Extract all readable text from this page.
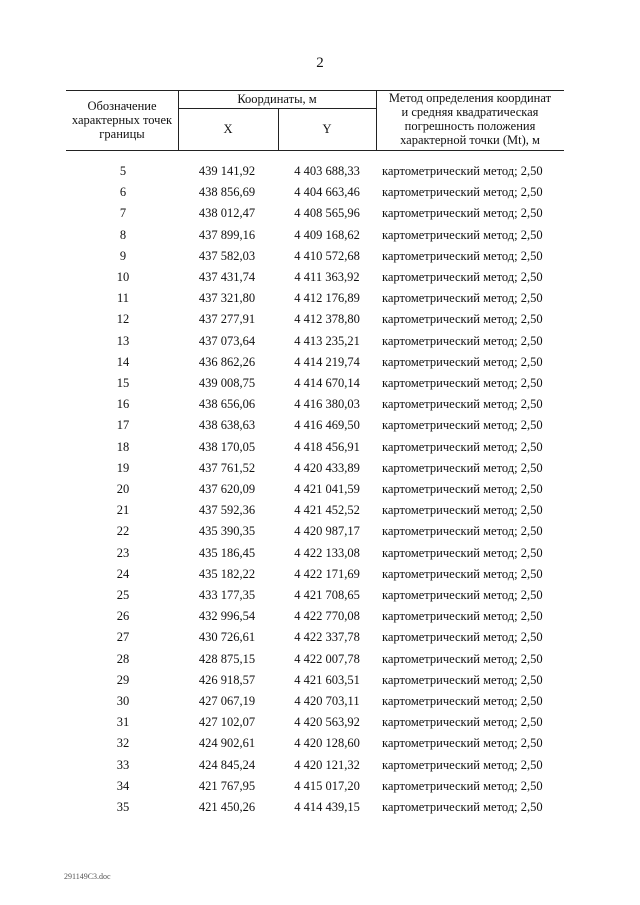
2
Обозначение
характерных точек
границы
Координаты, м
X	Y
Метод определения координат
и средняя квадратическая
погрешность положения
характерной точки (Mt), м
5	439 141,92	4 403 688,33	картометрический метод; 2,50
6	438 856,69	4 404 663,46	картометрический метод; 2,50
7	438 012,47	4 408 565,96	картометрический метод; 2,50
8	437 899,16	4 409 168,62	картометрический метод; 2,50
9	437 582,03	4 410 572,68	картометрический метод; 2,50
10	437 431,74	4 411 363,92	картометрический метод; 2,50
11	437 321,80	4 412 176,89	картометрический метод; 2,50
12	437 277,91	4 412 378,80	картометрический метод; 2,50
13	437 073,64	4 413 235,21	картометрический метод; 2,50
14	436 862,26	4 414 219,74	картометрический метод; 2,50
15	439 008,75	4 414 670,14	картометрический метод; 2,50
16	438 656,06	4 416 380,03	картометрический метод; 2,50
17	438 638,63	4 416 469,50	картометрический метод; 2,50
18	438 170,05	4 418 456,91	картометрический метод; 2,50
19	437 761,52	4 420 433,89	картометрический метод; 2,50
20	437 620,09	4 421 041,59	картометрический метод; 2,50
21	437 592,36	4 421 452,52	картометрический метод; 2,50
22	435 390,35	4 420 987,17	картометрический метод; 2,50
23	435 186,45	4 422 133,08	картометрический метод; 2,50
24	435 182,22	4 422 171,69	картометрический метод; 2,50
25	433 177,35	4 421 708,65	картометрический метод; 2,50
26	432 996,54	4 422 770,08	картометрический метод; 2,50
27	430 726,61	4 422 337,78	картометрический метод; 2,50
28	428 875,15	4 422 007,78	картометрический метод; 2,50
29	426 918,57	4 421 603,51	картометрический метод; 2,50
30	427 067,19	4 420 703,11	картометрический метод; 2,50
31	427 102,07	4 420 563,92	картометрический метод; 2,50
32	424 902,61	4 420 128,60	картометрический метод; 2,50
33	424 845,24	4 420 121,32	картометрический метод; 2,50
34	421 767,95	4 415 017,20	картометрический метод; 2,50
35	421 450,26	4 414 439,15	картометрический метод; 2,50
291149C3.doc
